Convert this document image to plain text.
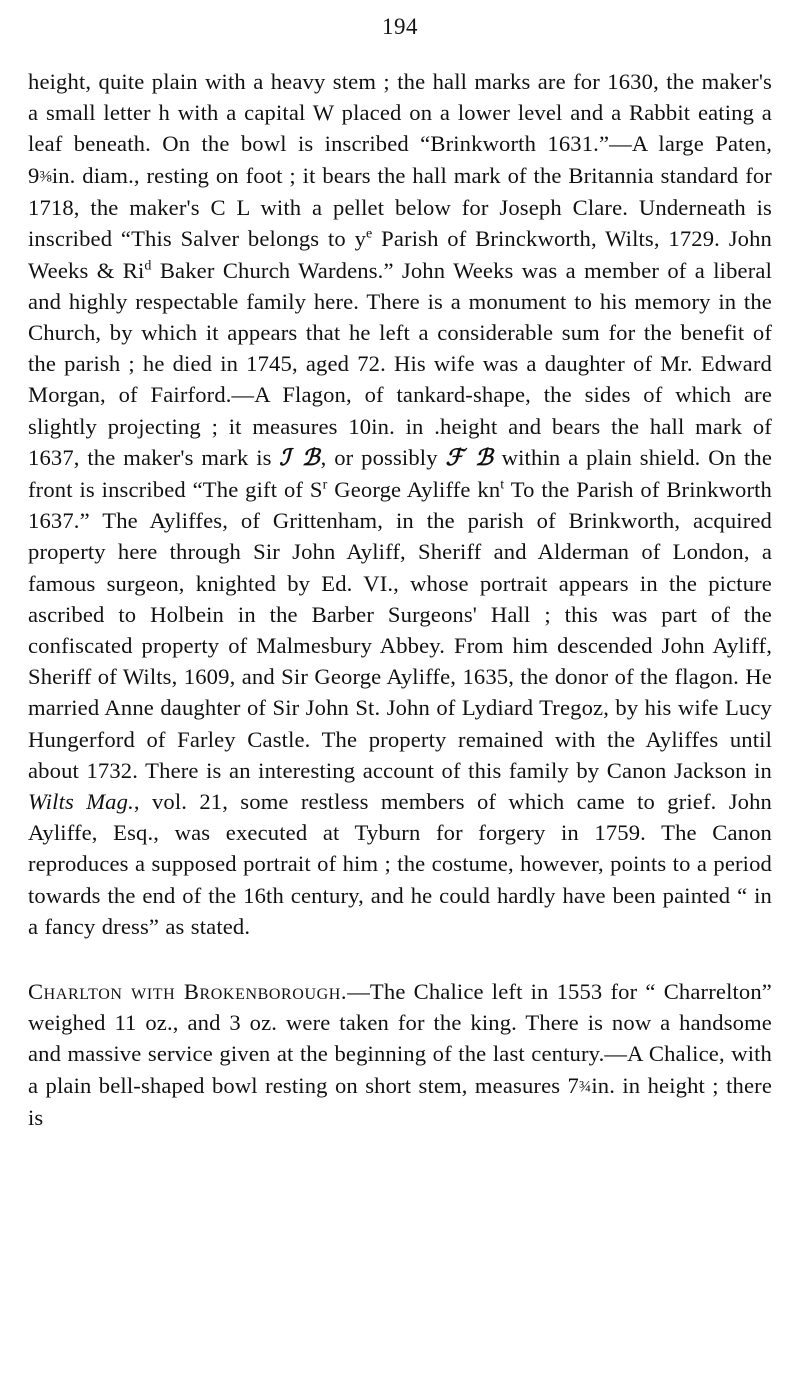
194

height, quite plain with a heavy stem ; the hall marks are for 1630, the maker's a small letter h with a capital W placed on a lower level and a Rabbit eating a leaf beneath. On the bowl is inscribed “Brinkworth 1631.”—A large Paten, 9⅜in. diam., resting on foot ; it bears the hall mark of the Britannia standard for 1718, the maker's C L with a pellet below for Joseph Clare. Underneath is inscribed “This Salver belongs to $y^e$ Parish of Brinckworth, Wilts, 1729. John Weeks & Ri$^d$ Baker Church Wardens.” John Weeks was a member of a liberal and highly respectable family here. There is a monument to his memory in the Church, by which it appears that he left a considerable sum for the benefit of the parish ; he died in 1745, aged 72. His wife was a daughter of Mr. Edward Morgan, of Fairford.—A Flagon, of tankard-shape, the sides of which are slightly projecting ; it measures 10in. in .height and bears the hall mark of 1637, the maker's mark is ℐ ℬ, or possibly ℱ ℬ within a plain shield. On the front is inscribed “The gift of $S^r$ George Ayliffe $kn^t$ To the Parish of Brinkworth 1637.” The Ayliffes, of Grittenham, in the parish of Brinkworth, acquired property here through Sir John Ayliff, Sheriff and Alderman of London, a famous surgeon, knighted by Ed. VI., whose portrait appears in the picture ascribed to Holbein in the Barber Surgeons' Hall ; this was part of the confiscated property of Malmesbury Abbey. From him descended John Ayliff, Sheriff of Wilts, 1609, and Sir George Ayliffe, 1635, the donor of the flagon. He married Anne daughter of Sir John St. John of Lydiard Tregoz, by his wife Lucy Hungerford of Farley Castle. The property remained with the Ayliffes until about 1732. There is an interesting account of this family by Canon Jackson in Wilts Mag., vol. 21, some restless members of which came to grief. John Ayliffe, Esq., was executed at Tyburn for forgery in 1759. The Canon reproduces a supposed portrait of him ; the costume, however, points to a period towards the end of the 16th century, and he could hardly have been painted “ in a fancy dress” as stated.

Charlton with Brokenborough.—The Chalice left in 1553 for “ Charrelton” weighed 11 oz., and 3 oz. were taken for the king. There is now a handsome and massive service given at the beginning of the last century.—A Chalice, with a plain bell-shaped bowl resting on short stem, measures 7¾in. in height ; there is
